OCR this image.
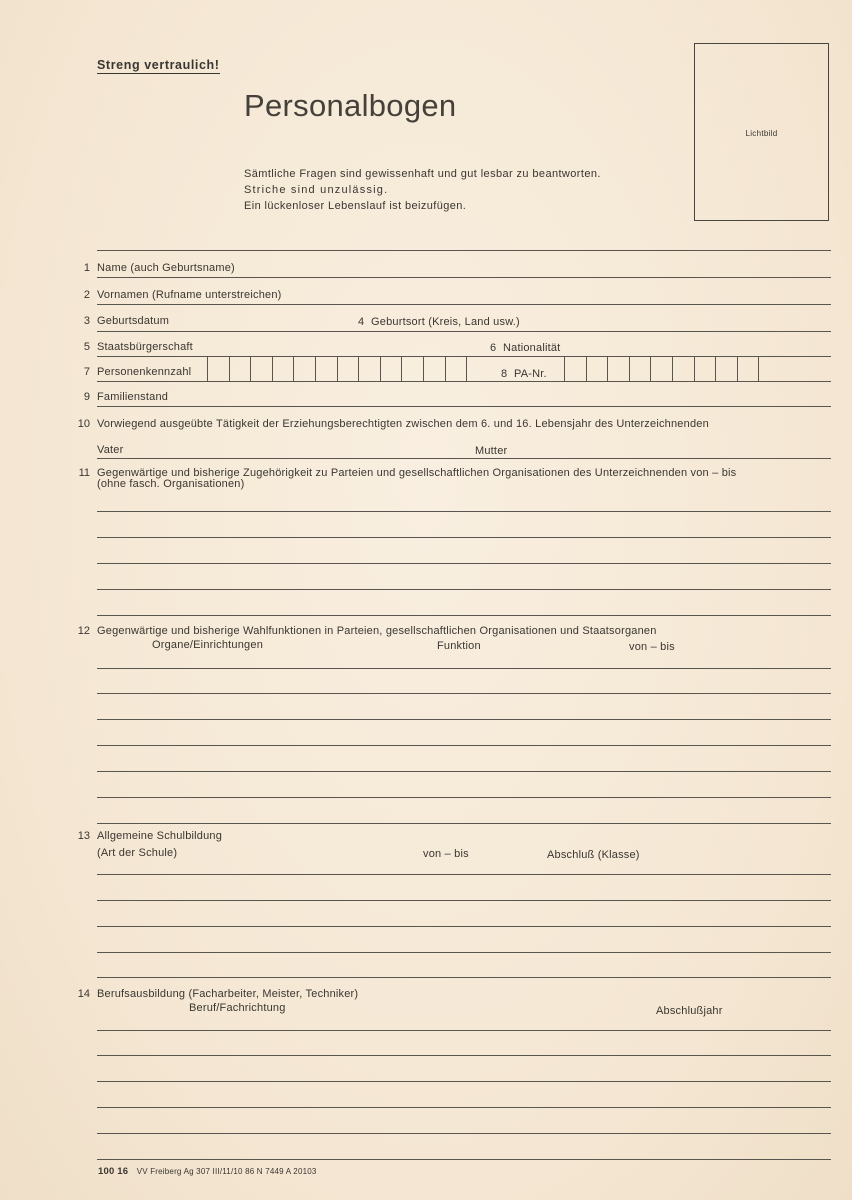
Streng vertraulich!
Personalbogen
Sämtliche Fragen sind gewissenhaft und gut lesbar zu beantworten.
Striche sind unzulässig.
Ein lückenloser Lebenslauf ist beizufügen.
Lichtbild
1 Name (auch Geburtsname)
2 Vornamen (Rufname unterstreichen)
3 Geburtsdatum	4 Geburtsort (Kreis, Land usw.)
5 Staatsbürgerschaft	6 Nationalität
7 Personenkennzahl	8 PA-Nr.
9 Familienstand
10 Vorwiegend ausgeübte Tätigkeit der Erziehungsberechtigten zwischen dem 6. und 16. Lebensjahr des Unterzeichnenden
Vater	Mutter
11 Gegenwärtige und bisherige Zugehörigkeit zu Parteien und gesellschaftlichen Organisationen des Unterzeichnenden von – bis
(ohne fasch. Organisationen)
12 Gegenwärtige und bisherige Wahlfunktionen in Parteien, gesellschaftlichen Organisationen und Staatsorganen
Organe/Einrichtungen	Funktion	von – bis
13 Allgemeine Schulbildung
(Art der Schule)	von – bis	Abschluß (Klasse)
14 Berufsausbildung (Facharbeiter, Meister, Techniker)
Beruf/Fachrichtung	Abschlußjahr
100 16 VV Freiberg Ag 307 III/11/10 86 N 7449 A 20103
